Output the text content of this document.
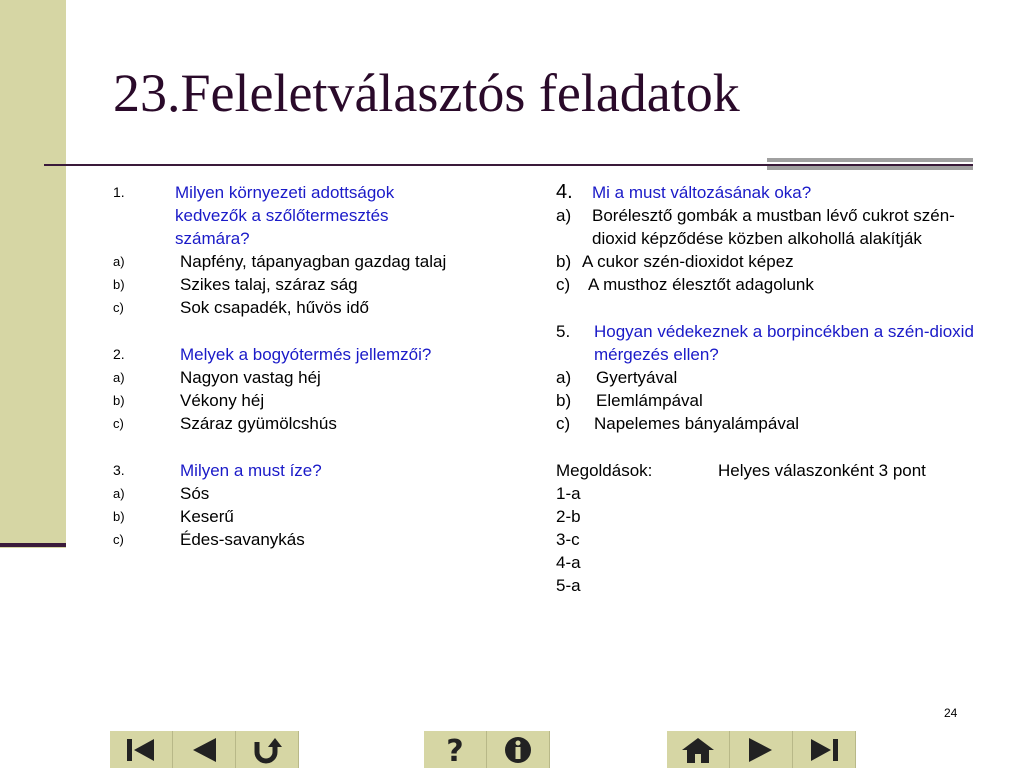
23.Feleletválasztós feladatok
1.	Milyen környezeti adottságok kedvezők a szőlőtermesztés számára?
a)	Napfény, tápanyagban gazdag talaj
b)	Szikes talaj, száraz ság
c)	Sok csapadék, hűvös idő
2.	Melyek a bogyótermés jellemzői?
a)	Nagyon vastag héj
b)	Vékony héj
c)	Száraz gyümölcshús
3.	Milyen a must íze?
a)	Sós
b)	Keserű
c)	Édes-savanykás
4.	Mi a must változásának oka?
a)	Borélesztő gombák a mustban lévő cukrot szén-dioxid képződése közben alkohollá alakítják
b) A cukor szén-dioxidot képez
c)	A musthoz élesztőt adagolunk
5.	Hogyan védekeznek a borpincékben a szén-dioxid mérgezés ellen?
a)	Gyertyával
b)	Elemlámpával
c)	Napelemes bányalámpával
Megoldások:	Helyes válaszonként 3 pont
1-a
2-b
3-c
4-a
5-a
24
?
